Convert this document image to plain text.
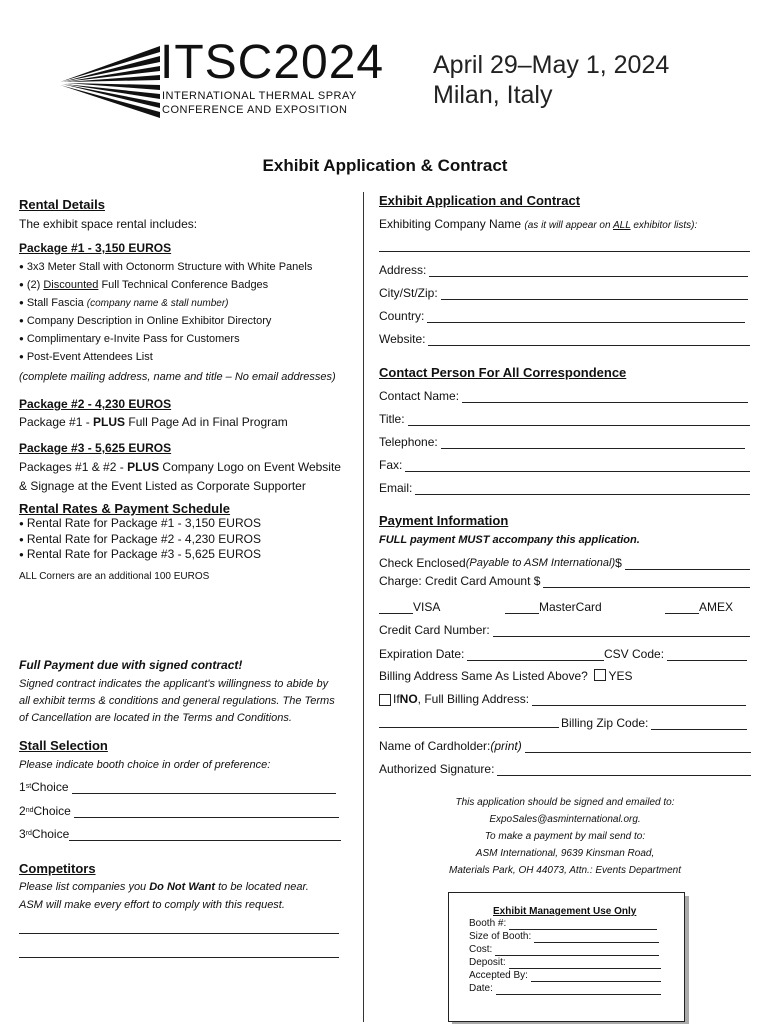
ITSC2024
INTERNATIONAL THERMAL SPRAY
CONFERENCE AND EXPOSITION
April 29–May 1, 2024
Milan, Italy
Exhibit Application & Contract
Rental Details
The exhibit space rental includes:
Package #1 - 3,150 EUROS
● 3x3 Meter Stall with Octonorm Structure with White Panels
● (2) Discounted Full Technical Conference Badges
● Stall Fascia (company name & stall number)
● Company Description in Online Exhibitor Directory
● Complimentary e-Invite Pass for Customers
● Post-Event Attendees List
(complete mailing address, name and title – No email addresses)
Package #2 - 4,230 EUROS
Package #1 - PLUS Full Page Ad in Final Program
Package #3 - 5,625 EUROS
Packages #1 & #2 - PLUS Company Logo on Event Website
& Signage at the Event Listed as Corporate Supporter
Rental Rates & Payment Schedule
● Rental Rate for Package #1 - 3,150 EUROS
● Rental Rate for Package #2 - 4,230 EUROS
● Rental Rate for Package #3 - 5,625 EUROS
ALL Corners are an additional 100 EUROS
Full Payment due with signed contract!
Signed contract indicates the applicant's willingness to abide by
all exhibit terms & conditions and general regulations. The Terms
of Cancellation are located in the Terms and Conditions.
Stall Selection
Please indicate booth choice in order of preference:
1 st Choice
2 nd Choice
3 rd Choice
Competitors
Please list companies you Do Not Want to be located near.
ASM will make every effort to comply with this request.
Exhibit Application and Contract
Exhibiting Company Name (as it will appear on ALL exhibitor lists):
Address:
City/St/Zip:
Country:
Website:
Contact Person For All Correspondence
Contact Name:
Title:
Telephone:
Fax:
Email:
Payment Information
FULL payment MUST accompany this application.
Check Enclosed (Payable to ASM International) $
Charge: Credit Card Amount $
VISA	MasterCard	AMEX
Credit Card Number:
Expiration Date:	CSV Code:
Billing Address Same As Listed Above? YES
If NO , Full Billing Address:
Billing Zip Code:
Name of Cardholder: (print)
Authorized Signature:
This application should be signed and emailed to:
ExpoSales@asminternational.org.
To make a payment by mail send to:
ASM International, 9639 Kinsman Road,
Materials Park, OH 44073, Attn.: Events Department
Exhibit Management Use Only
Booth #:
Size of Booth:
Cost:
Deposit:
Accepted By:
Date:
